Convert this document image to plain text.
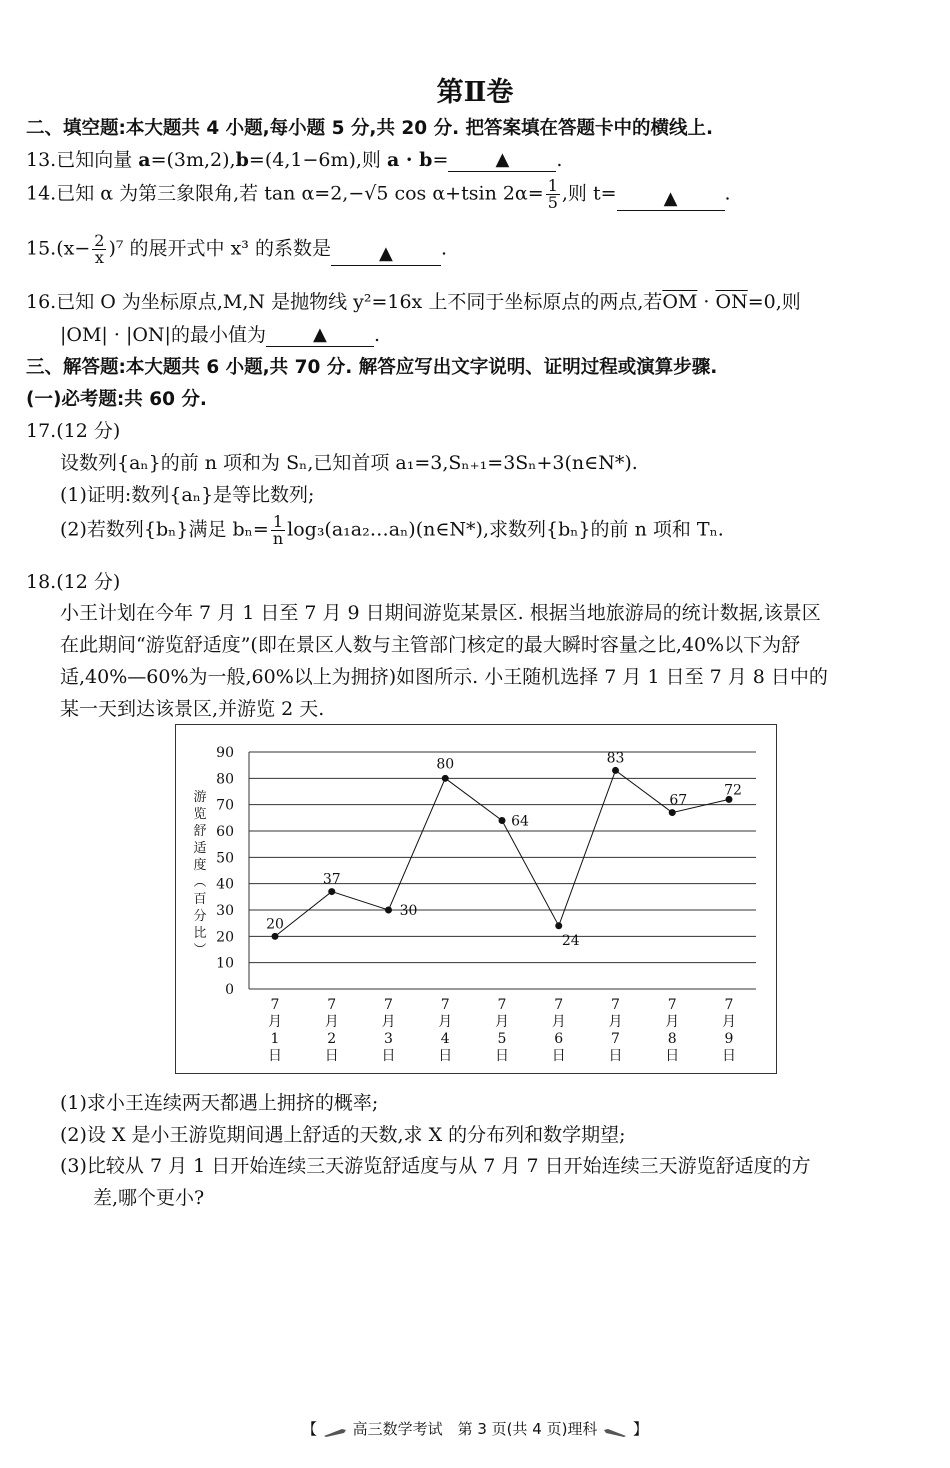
第Ⅱ卷
二、填空题:本大题共 4 小题,每小题 5 分,共 20 分. 把答案填在答题卡中的横线上.
13.已知向量 a=(3m,2),b=(4,1−6m),则 a · b=	▲ .
14.已知 α 为第三象限角,若 tan α=2,−√5 cos α+tsin $2\alpha= \frac{1}{5}$ ,则 t=	▲ .
$15.(x- \frac{2}{x} )^7$ 的展开式中 x³ 的系数是	▲	.
16.已知 O 为坐标原点,M,N 是抛物线 y²=16x 上不同于坐标原点的两点,若$\overline{OM} \cdot \overline{ON}=0$,则
|OM| · |ON|的最小值为	▲ .
三、解答题:本大题共 6 小题,共 70 分. 解答应写出文字说明、证明过程或演算步骤.
(一)必考题:共 60 分.
17.(12 分)
设数列{aₙ}的前 n 项和为 Sₙ,已知首项 a₁=3,Sₙ₊₁=3Sₙ+3(n∈N*).
(1)证明:数列{aₙ}是等比数列;
(2)若数列{bₙ}满足 $b_n= \frac{1}{n}$ log₃(a₁a₂…aₙ)(n∈N*),求数列{bₙ}的前 n 项和 Tₙ.
18.(12 分)
小王计划在今年 7 月 1 日至 7 月 9 日期间游览某景区. 根据当地旅游局的统计数据,该景区
在此期间“游览舒适度”(即在景区人数与主管部门核定的最大瞬时容量之比,40%以下为舒
适,40%—60%为一般,60%以上为拥挤)如图所示. 小王随机选择 7 月 1 日至 7 月 8 日中的
某一天到达该景区,并游览 2 天.
0
10
20
30
40
50
60
70
80
90
7 月 1 日
7 月 2 日
7 月 3 日
7 月 4 日
7 月 5 日
7 月 6 日
7 月 7 日
7 月 8 日
7 月 9 日
20
37
30
80
64
24
83
67
72
游览舒适度︵百分比︶
(1)求小王连续两天都遇上拥挤的概率;
(2)设 X 是小王游览期间遇上舒适的天数,求 X 的分布列和数学期望;
(3)比较从 7 月 1 日开始连续三天游览舒适度与从 7 月 7 日开始连续三天游览舒适度的方
差,哪个更小?
【 高三数学考试　第 3 页(共 4 页)理科 】
